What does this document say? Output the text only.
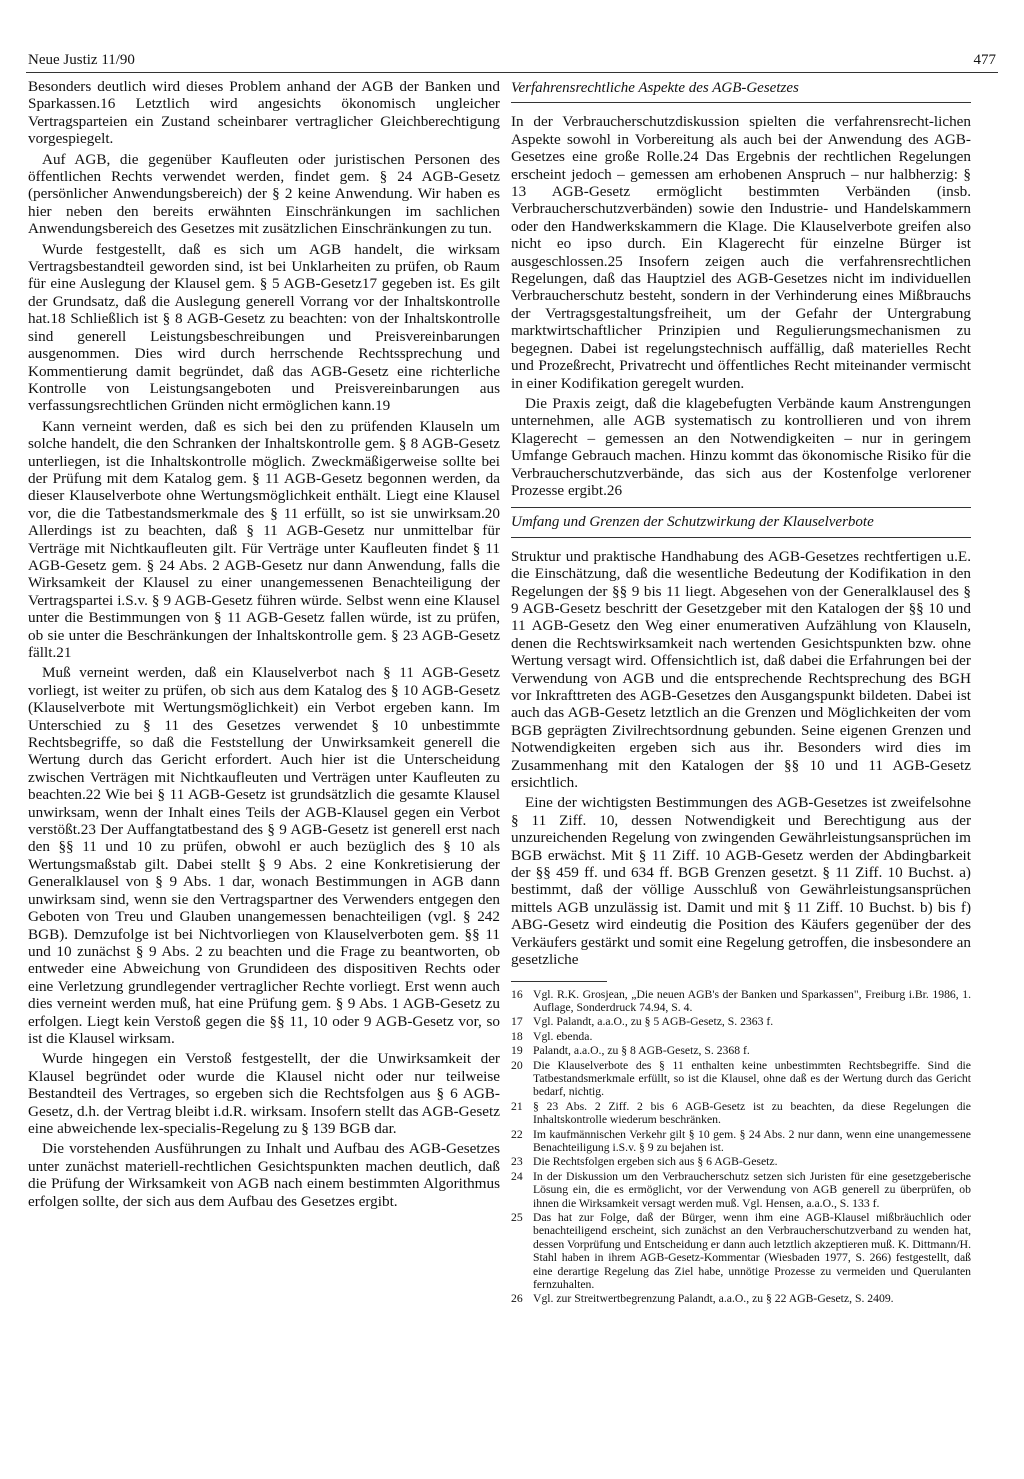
Neue Justiz 11/90	477

Besonders deutlich wird dieses Problem anhand der AGB der Banken und Sparkassen.16 Letztlich wird angesichts ökonomisch ungleicher Vertragsparteien ein Zustand scheinbarer vertraglicher Gleichberechtigung vorgespiegelt.

Auf AGB, die gegenüber Kaufleuten oder juristischen Personen des öffentlichen Rechts verwendet werden, findet gem. § 24 AGB-Gesetz (persönlicher Anwendungsbereich) der § 2 keine Anwendung. Wir haben es hier neben den bereits erwähnten Einschränkungen im sachlichen Anwendungsbereich des Gesetzes mit zusätzlichen Einschränkungen zu tun.

Wurde festgestellt, daß es sich um AGB handelt, die wirksam Vertragsbestandteil geworden sind, ist bei Unklarheiten zu prüfen, ob Raum für eine Auslegung der Klausel gem. § 5 AGB-Gesetz17 gegeben ist. Es gilt der Grundsatz, daß die Auslegung generell Vorrang vor der Inhaltskontrolle hat.18 Schließlich ist § 8 AGB-Gesetz zu beachten: von der Inhaltskontrolle sind generell Leistungsbeschreibungen und Preisvereinbarungen ausgenommen. Dies wird durch herrschende Rechtssprechung und Kommentierung damit begründet, daß das AGB-Gesetz eine richterliche Kontrolle von Leistungsangeboten und Preisvereinbarungen aus verfassungsrechtlichen Gründen nicht ermöglichen kann.19

Kann verneint werden, daß es sich bei den zu prüfenden Klauseln um solche handelt, die den Schranken der Inhaltskontrolle gem. § 8 AGB-Gesetz unterliegen, ist die Inhaltskontrolle möglich. Zweckmäßigerweise sollte bei der Prüfung mit dem Katalog gem. § 11 AGB-Gesetz begonnen werden, da dieser Klauselverbote ohne Wertungsmöglichkeit enthält. Liegt eine Klausel vor, die die Tatbestandsmerkmale des § 11 erfüllt, so ist sie unwirksam.20 Allerdings ist zu beachten, daß § 11 AGB-Gesetz nur unmittelbar für Verträge mit Nichtkaufleuten gilt. Für Verträge unter Kaufleuten findet § 11 AGB-Gesetz gem. § 24 Abs. 2 AGB-Gesetz nur dann Anwendung, falls die Wirksamkeit der Klausel zu einer unangemessenen Benachteiligung der Vertragspartei i.S.v. § 9 AGB-Gesetz führen würde. Selbst wenn eine Klausel unter die Bestimmungen von § 11 AGB-Gesetz fallen würde, ist zu prüfen, ob sie unter die Beschränkungen der Inhaltskontrolle gem. § 23 AGB-Gesetz fällt.21

Muß verneint werden, daß ein Klauselverbot nach § 11 AGB-Gesetz vorliegt, ist weiter zu prüfen, ob sich aus dem Katalog des § 10 AGB-Gesetz (Klauselverbote mit Wertungsmöglichkeit) ein Verbot ergeben kann. Im Unterschied zu § 11 des Gesetzes verwendet § 10 unbestimmte Rechtsbegriffe, so daß die Feststellung der Unwirksamkeit generell die Wertung durch das Gericht erfordert. Auch hier ist die Unterscheidung zwischen Verträgen mit Nichtkaufleuten und Verträgen unter Kaufleuten zu beachten.22 Wie bei § 11 AGB-Gesetz ist grundsätzlich die gesamte Klausel unwirksam, wenn der Inhalt eines Teils der AGB-Klausel gegen ein Verbot verstößt.23 Der Auffangtatbestand des § 9 AGB-Gesetz ist generell erst nach den §§ 11 und 10 zu prüfen, obwohl er auch bezüglich des § 10 als Wertungsmaßstab gilt. Dabei stellt § 9 Abs. 2 eine Konkretisierung der Generalklausel von § 9 Abs. 1 dar, wonach Bestimmungen in AGB dann unwirksam sind, wenn sie den Vertragspartner des Verwenders entgegen den Geboten von Treu und Glauben unangemessen benachteiligen (vgl. § 242 BGB). Demzufolge ist bei Nichtvorliegen von Klauselverboten gem. §§ 11 und 10 zunächst § 9 Abs. 2 zu beachten und die Frage zu beantworten, ob entweder eine Abweichung von Grundideen des dispositiven Rechts oder eine Verletzung grundlegender vertraglicher Rechte vorliegt. Erst wenn auch dies verneint werden muß, hat eine Prüfung gem. § 9 Abs. 1 AGB-Gesetz zu erfolgen. Liegt kein Verstoß gegen die §§ 11, 10 oder 9 AGB-Gesetz vor, so ist die Klausel wirksam.

Wurde hingegen ein Verstoß festgestellt, der die Unwirksamkeit der Klausel begründet oder wurde die Klausel nicht oder nur teilweise Bestandteil des Vertrages, so ergeben sich die Rechtsfolgen aus § 6 AGB-Gesetz, d.h. der Vertrag bleibt i.d.R. wirksam. Insofern stellt das AGB-Gesetz eine abweichende lex-specialis-Regelung zu § 139 BGB dar.

Die vorstehenden Ausführungen zu Inhalt und Aufbau des AGB-Gesetzes unter zunächst materiell-rechtlichen Gesichtspunkten machen deutlich, daß die Prüfung der Wirksamkeit von AGB nach einem bestimmten Algorithmus erfolgen sollte, der sich aus dem Aufbau des Gesetzes ergibt.

Verfahrensrechtliche Aspekte des AGB-Gesetzes

In der Verbraucherschutzdiskussion spielten die verfahrensrecht-lichen Aspekte sowohl in Vorbereitung als auch bei der Anwendung des AGB-Gesetzes eine große Rolle.24 Das Ergebnis der rechtlichen Regelungen erscheint jedoch – gemessen am erhobenen Anspruch – nur halbherzig: § 13 AGB-Gesetz ermöglicht bestimmten Verbänden (insb. Verbraucherschutzverbänden) sowie den Industrie- und Handelskammern oder den Handwerkskammern die Klage. Die Klauselverbote greifen also nicht eo ipso durch. Ein Klagerecht für einzelne Bürger ist ausgeschlossen.25 Insofern zeigen auch die verfahrensrechtlichen Regelungen, daß das Hauptziel des AGB-Gesetzes nicht im individuellen Verbraucherschutz besteht, sondern in der Verhinderung eines Mißbrauchs der Vertragsgestaltungsfreiheit, um der Gefahr der Untergrabung marktwirtschaftlicher Prinzipien und Regulierungsmechanismen zu begegnen. Dabei ist regelungstechnisch auffällig, daß materielles Recht und Prozeßrecht, Privatrecht und öffentliches Recht miteinander vermischt in einer Kodifikation geregelt wurden.

Die Praxis zeigt, daß die klagebefugten Verbände kaum Anstrengungen unternehmen, alle AGB systematisch zu kontrollieren und von ihrem Klagerecht – gemessen an den Notwendigkeiten – nur in geringem Umfange Gebrauch machen. Hinzu kommt das ökonomische Risiko für die Verbraucherschutzverbände, das sich aus der Kostenfolge verlorener Prozesse ergibt.26

Umfang und Grenzen der Schutzwirkung der Klauselverbote

Struktur und praktische Handhabung des AGB-Gesetzes rechtfertigen u.E. die Einschätzung, daß die wesentliche Bedeutung der Kodifikation in den Regelungen der §§ 9 bis 11 liegt. Abgesehen von der Generalklausel des § 9 AGB-Gesetz beschritt der Gesetzgeber mit den Katalogen der §§ 10 und 11 AGB-Gesetz den Weg einer enumerativen Aufzählung von Klauseln, denen die Rechtswirksamkeit nach wertenden Gesichtspunkten bzw. ohne Wertung versagt wird. Offensichtlich ist, daß dabei die Erfahrungen bei der Verwendung von AGB und die entsprechende Rechtsprechung des BGH vor Inkrafttreten des AGB-Gesetzes den Ausgangspunkt bildeten. Dabei ist auch das AGB-Gesetz letztlich an die Grenzen und Möglichkeiten der vom BGB geprägten Zivilrechtsordnung gebunden. Seine eigenen Grenzen und Notwendigkeiten ergeben sich aus ihr. Besonders wird dies im Zusammenhang mit den Katalogen der §§ 10 und 11 AGB-Gesetz ersichtlich.

Eine der wichtigsten Bestimmungen des AGB-Gesetzes ist zweifelsohne § 11 Ziff. 10, dessen Notwendigkeit und Berechtigung aus der unzureichenden Regelung von zwingenden Gewährleistungsansprüchen im BGB erwächst. Mit § 11 Ziff. 10 AGB-Gesetz werden der Abdingbarkeit der §§ 459 ff. und 634 ff. BGB Grenzen gesetzt. § 11 Ziff. 10 Buchst. a) bestimmt, daß der völlige Ausschluß von Gewährleistungsansprüchen mittels AGB unzulässig ist. Damit und mit § 11 Ziff. 10 Buchst. b) bis f) ABG-Gesetz wird eindeutig die Position des Käufers gegenüber der des Verkäufers gestärkt und somit eine Regelung getroffen, die insbesondere an gesetzliche

16 Vgl. R.K. Grosjean, „Die neuen AGB's der Banken und Sparkassen", Freiburg i.Br. 1986, 1. Auflage, Sonderdruck 74.94, S. 4.
17 Vgl. Palandt, a.a.O., zu § 5 AGB-Gesetz, S. 2363 f.
18 Vgl. ebenda.
19 Palandt, a.a.O., zu § 8 AGB-Gesetz, S. 2368 f.
20 Die Klauselverbote des § 11 enthalten keine unbestimmten Rechtsbegriffe. Sind die Tatbestandsmerkmale erfüllt, so ist die Klausel, ohne daß es der Wertung durch das Gericht bedarf, nichtig.
21 § 23 Abs. 2 Ziff. 2 bis 6 AGB-Gesetz ist zu beachten, da diese Regelungen die Inhaltskontrolle wiederum beschränken.
22 Im kaufmännischen Verkehr gilt § 10 gem. § 24 Abs. 2 nur dann, wenn eine unangemessene Benachteiligung i.S.v. § 9 zu bejahen ist.
23 Die Rechtsfolgen ergeben sich aus § 6 AGB-Gesetz.
24 In der Diskussion um den Verbraucherschutz setzen sich Juristen für eine gesetzgeberische Lösung ein, die es ermöglicht, vor der Verwendung von AGB generell zu überprüfen, ob ihnen die Wirksamkeit versagt werden muß. Vgl. Hensen, a.a.O., S. 133 f.
25 Das hat zur Folge, daß der Bürger, wenn ihm eine AGB-Klausel mißbräuchlich oder benachteiligend erscheint, sich zunächst an den Verbraucherschutzverband zu wenden hat, dessen Vorprüfung und Entscheidung er dann auch letztlich akzeptieren muß. K. Dittmann/H. Stahl haben in ihrem AGB-Gesetz-Kommentar (Wiesbaden 1977, S. 266) festgestellt, daß eine derartige Regelung das Ziel habe, unnötige Prozesse zu vermeiden und Querulanten fernzuhalten.
26 Vgl. zur Streitwertbegrenzung Palandt, a.a.O., zu § 22 AGB-Gesetz, S. 2409.
